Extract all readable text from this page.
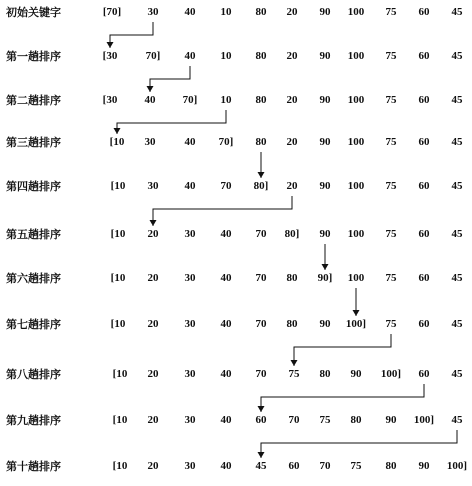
初始关键字	[70] 30 40 10 80 20 90 100 75 60 45
第一趟排序	[30	70] 40 10 80 20 90 100 75 60 45
第二趟排序	[30 40 70] 10 80 20 90 100 75 60 45
第三趟排序	[10 30	40 70] 80 20 90 100 75 60 45
第四趟排序	[10 30 40 70 80] 20 90 100 75 60 45
第五趟排序	[10 20 30 40 70 80] 90 100 75 60 45
第六趟排序	[10 20 30 40 70 80 90] 100 75 60 45
第七趟排序	[10 20 30 40 70 80 90 100] 75 60 45
第八趟排序	[10 20 30 40 70 75 80 90 100] 60 45
第九趟排序	[10 20 30 40 60 70 75 80 90 100] 45
第十趟排序	[10 20 30 40 45 60 70 75 80 90 100]
